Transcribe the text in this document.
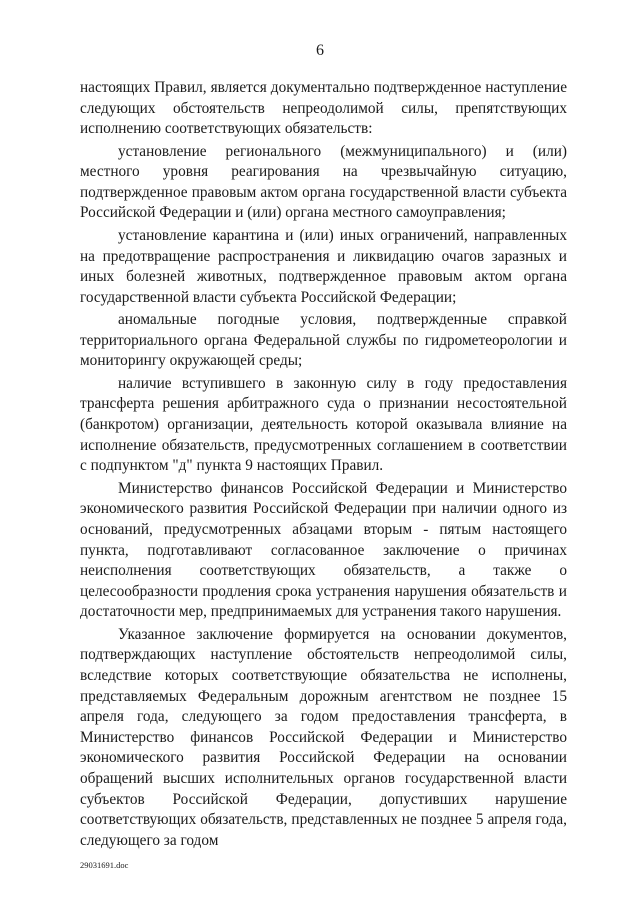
6

настоящих Правил, является документально подтвержденное наступление следующих обстоятельств непреодолимой силы, препятствующих исполнению соответствующих обязательств:

установление регионального (межмуниципального) и (или) местного уровня реагирования на чрезвычайную ситуацию, подтвержденное правовым актом органа государственной власти субъекта Российской Федерации и (или) органа местного самоуправления;

установление карантина и (или) иных ограничений, направленных на предотвращение распространения и ликвидацию очагов заразных и иных болезней животных, подтвержденное правовым актом органа государственной власти субъекта Российской Федерации;

аномальные погодные условия, подтвержденные справкой территориального органа Федеральной службы по гидрометеорологии и мониторингу окружающей среды;

наличие вступившего в законную силу в году предоставления трансферта решения арбитражного суда о признании несостоятельной (банкротом) организации, деятельность которой оказывала влияние на исполнение обязательств, предусмотренных соглашением в соответствии с подпунктом "д" пункта 9 настоящих Правил.

Министерство финансов Российской Федерации и Министерство экономического развития Российской Федерации при наличии одного из оснований, предусмотренных абзацами вторым - пятым настоящего пункта, подготавливают согласованное заключение о причинах неисполнения соответствующих обязательств, а также о целесообразности продления срока устранения нарушения обязательств и достаточности мер, предпринимаемых для устранения такого нарушения.

Указанное заключение формируется на основании документов, подтверждающих наступление обстоятельств непреодолимой силы, вследствие которых соответствующие обязательства не исполнены, представляемых Федеральным дорожным агентством не позднее 15 апреля года, следующего за годом предоставления трансферта, в Министерство финансов Российской Федерации и Министерство экономического развития Российской Федерации на основании обращений высших исполнительных органов государственной власти субъектов Российской Федерации, допустивших нарушение соответствующих обязательств, представленных не позднее 5 апреля года, следующего за годом

29031691.doc
